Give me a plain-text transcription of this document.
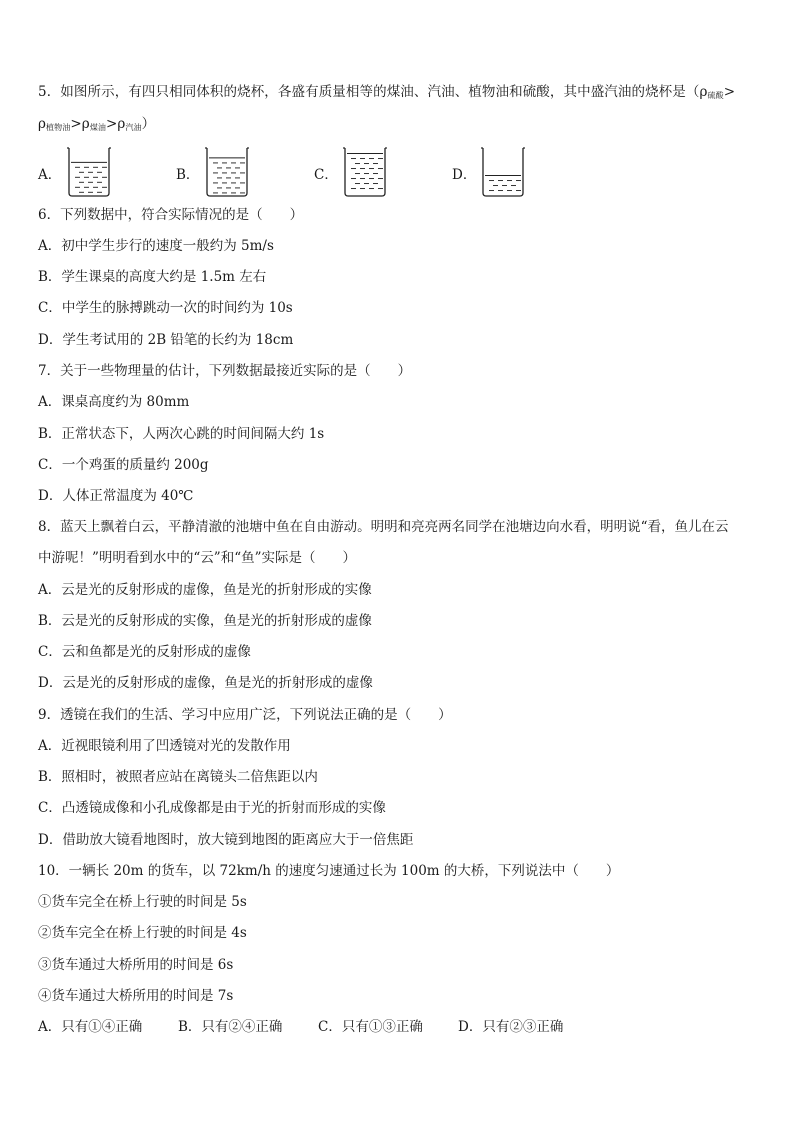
5．如图所示，有四只相同体积的烧杯，各盛有质量相等的煤油、汽油、植物油和硫酸，其中盛汽油的烧杯是（$\rho_{硫酸}>$
$\rho_{植物油}>\rho_{煤油}>\rho_{汽油}$）
A．	B．	C．	D．
6．下列数据中，符合实际情况的是（　　）
A．初中学生步行的速度一般约为 5m/s
B．学生课桌的高度大约是 1.5m 左右
C．中学生的脉搏跳动一次的时间约为 10s
D．学生考试用的 2B 铅笔的长约为 18cm
7．关于一些物理量的估计，下列数据最接近实际的是（　　）
A．课桌高度约为 80mm
B．正常状态下，人两次心跳的时间间隔大约 1s
C．一个鸡蛋的质量约 200g
D．人体正常温度为 40℃
8．蓝天上飘着白云，平静清澈的池塘中鱼在自由游动。明明和亮亮两名同学在池塘边向水看，明明说“看，鱼儿在云
中游呢！”明明看到水中的“云”和“鱼”实际是（　　）
A．云是光的反射形成的虚像，鱼是光的折射形成的实像
B．云是光的反射形成的实像，鱼是光的折射形成的虚像
C．云和鱼都是光的反射形成的虚像
D．云是光的反射形成的虚像，鱼是光的折射形成的虚像
9．透镜在我们的生活、学习中应用广泛，下列说法正确的是（　　）
A．近视眼镜利用了凹透镜对光的发散作用
B．照相时，被照者应站在离镜头二倍焦距以内
C．凸透镜成像和小孔成像都是由于光的折射而形成的实像
D．借助放大镜看地图时，放大镜到地图的距离应大于一倍焦距
10．一辆长 20m 的货车，以 72km/h 的速度匀速通过长为 100m 的大桥，下列说法中（　　）
①货车完全在桥上行驶的时间是 5s
②货车完全在桥上行驶的时间是 4s
③货车通过大桥所用的时间是 6s
④货车通过大桥所用的时间是 7s
A．只有①④正确	B．只有②④正确	C．只有①③正确	D．只有②③正确
